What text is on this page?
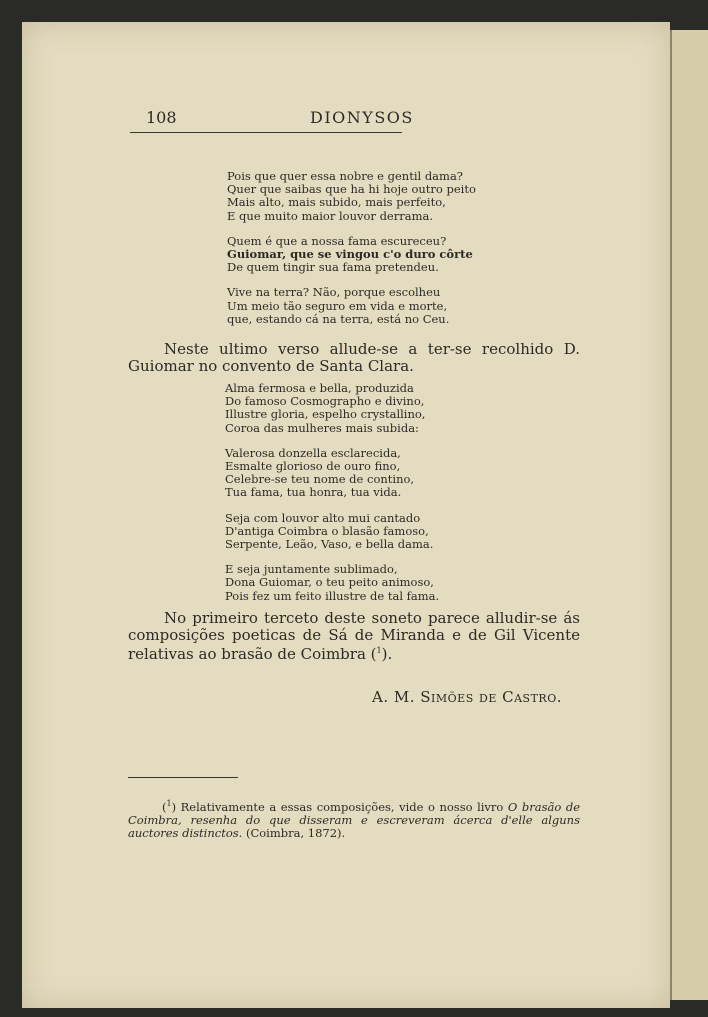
108	DIONYSOS
Pois que quer essa nobre e gentil dama?
Quer que saibas que ha hi hoje outro peito
Mais alto, mais subido, mais perfeito,
E que muito maior louvor derrama.
Quem é que a nossa fama escureceu?
Guiomar, que se vingou c'o duro côrte
De quem tingir sua fama pretendeu.
Vive na terra? Não, porque escolheu
Um meio tão seguro em vida e morte,
que, estando cá na terra, está no Ceu.

Neste ultimo verso allude-se a ter-se recolhido D. Guiomar no convento de Santa Clara.

Alma fermosa e bella, produzida
Do famoso Cosmographo e divino,
Illustre gloria, espelho crystallino,
Coroa das mulheres mais subida:
Valerosa donzella esclarecida,
Esmalte glorioso de ouro fino,
Celebre-se teu nome de contino,
Tua fama, tua honra, tua vida.
Seja com louvor alto mui cantado
D'antiga Coimbra o blasão famoso,
Serpente, Leão, Vaso, e bella dama.
E seja juntamente sublimado,
Dona Guiomar, o teu peito animoso,
Pois fez um feito illustre de tal fama.

No primeiro terceto deste soneto parece alludir-se ás composições poeticas de Sá de Miranda e de Gil Vicente relativas ao brasão de Coimbra ($^1$).

A. M. Simões de Castro.

($^1$) Relativamente a essas composições, vide o nosso livro O brasão de Coimbra, resenha do que disseram e escreveram ácerca d'elle alguns auctores distinctos. (Coimbra, 1872).
